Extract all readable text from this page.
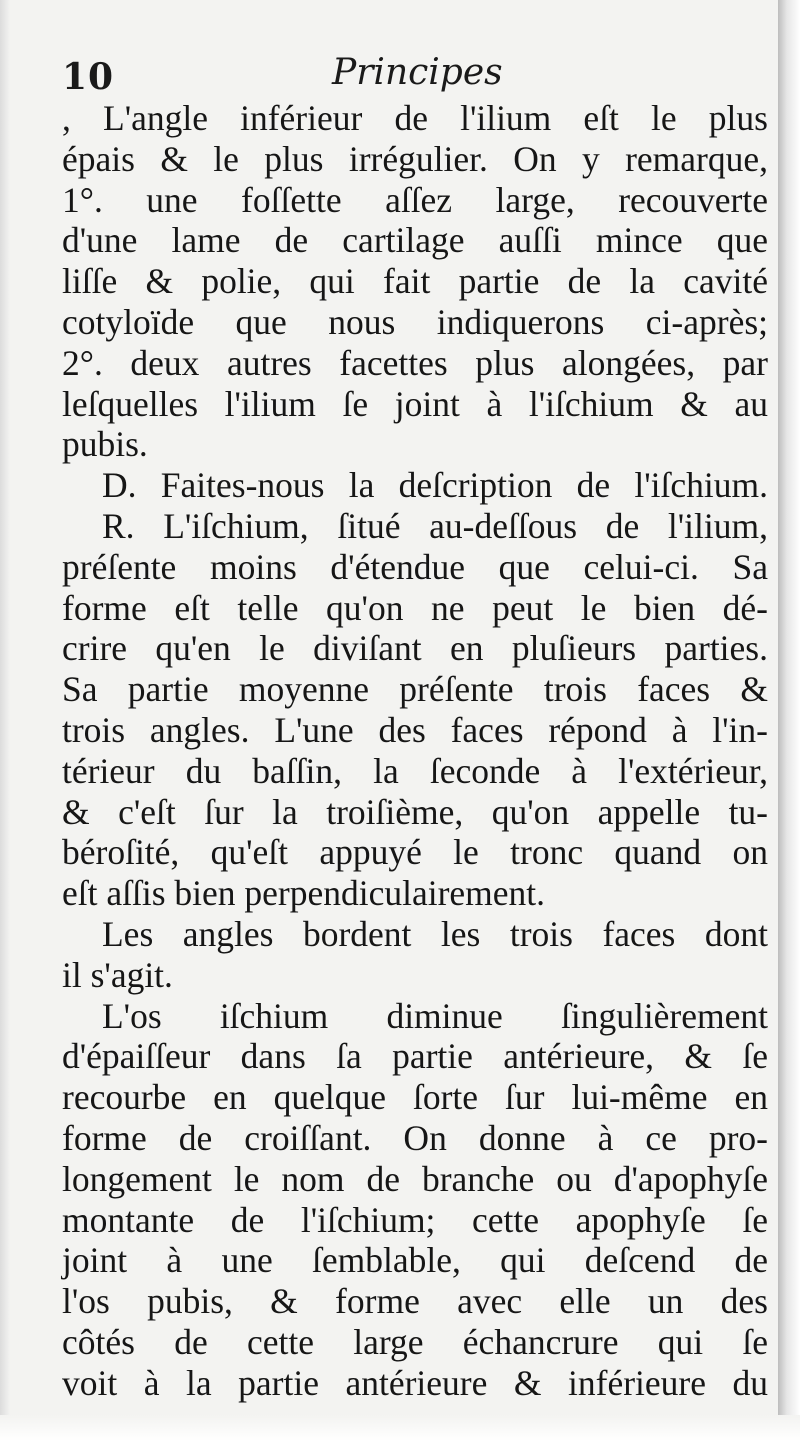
10	Principes
, L'angle inférieur de l'ilium eſt le plus
épais & le plus irrégulier. On y remarque,
1°. une foſſette aſſez large, recouverte
d'une lame de cartilage auſſi mince que
liſſe & polie, qui fait partie de la cavité
cotyloïde que nous indiquerons ci-après;
2°. deux autres facettes plus alongées, par
leſquelles l'ilium ſe joint à l'iſchium & au
pubis.
D. Faites-nous la deſcription de l'iſchium.
R. L'iſchium, ſitué au-deſſous de l'ilium,
préſente moins d'étendue que celui-ci. Sa
forme eſt telle qu'on ne peut le bien dé-
crire qu'en le diviſant en pluſieurs parties.
Sa partie moyenne préſente trois faces &
trois angles. L'une des faces répond à l'in-
térieur du baſſin, la ſeconde à l'extérieur,
& c'eſt ſur la troiſième, qu'on appelle tu-
béroſité, qu'eſt appuyé le tronc quand on
eſt aſſis bien perpendiculairement.
Les angles bordent les trois faces dont
il s'agit.
L'os iſchium diminue ſingulièrement
d'épaiſſeur dans ſa partie antérieure, & ſe
recourbe en quelque ſorte ſur lui-même en
forme de croiſſant. On donne à ce pro-
longement le nom de branche ou d'apophyſe
montante de l'iſchium; cette apophyſe ſe
joint à une ſemblable, qui deſcend de
l'os pubis, & forme avec elle un des
côtés de cette large échancrure qui ſe
voit à la partie antérieure & inférieure du
